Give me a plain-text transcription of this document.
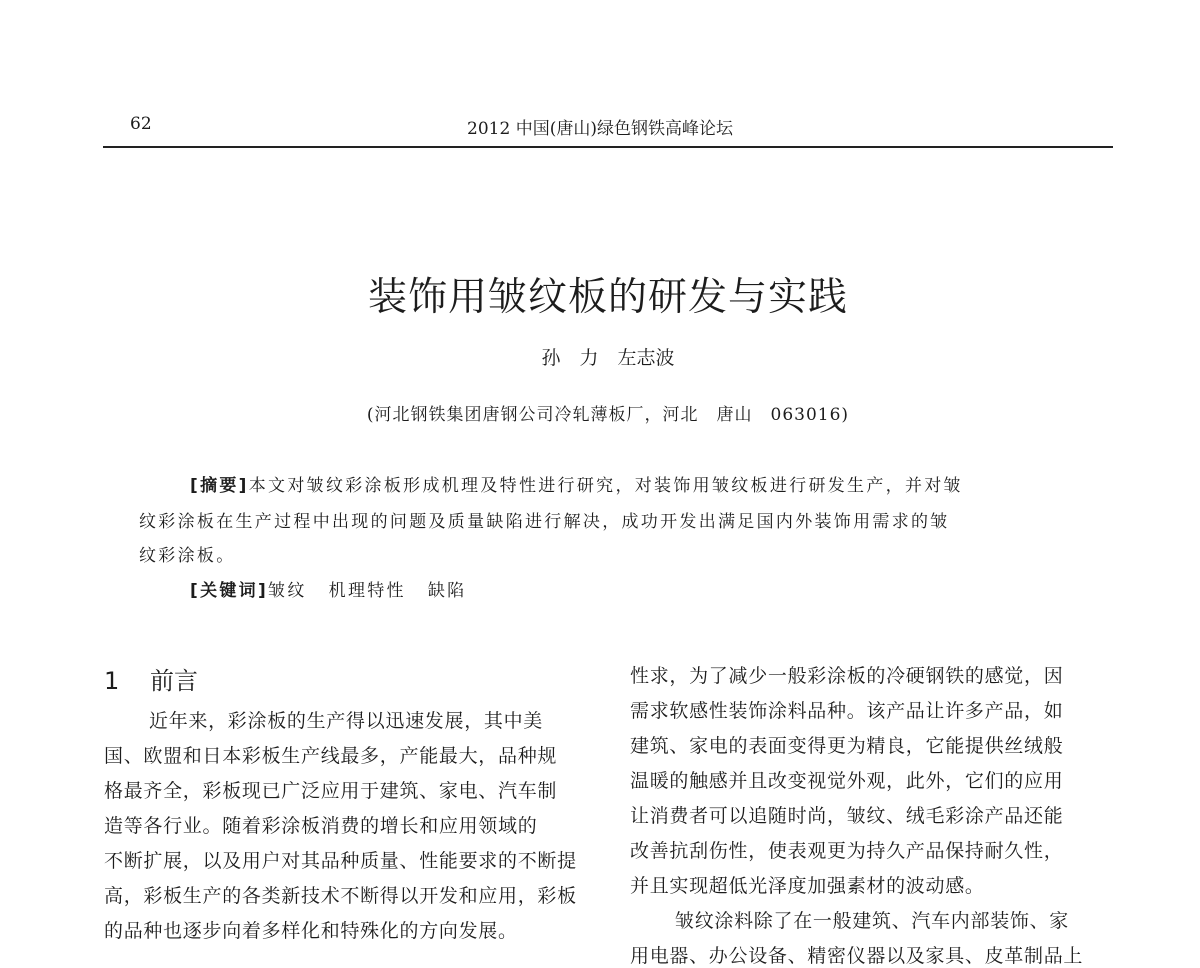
62	2012 中国(唐山)绿色钢铁高峰论坛
装饰用皱纹板的研发与实践
孙　力　左志波
(河北钢铁集团唐钢公司冷轧薄板厂，河北　唐山　063016)
[摘要]本文对皱纹彩涂板形成机理及特性进行研究，对装饰用皱纹板进行研发生产，并对皱
纹彩涂板在生产过程中出现的问题及质量缺陷进行解决，成功开发出满足国内外装饰用需求的皱
纹彩涂板。
[关键词]皱纹 机理特性 缺陷
1 前言
近年来，彩涂板的生产得以迅速发展，其中美
国、欧盟和日本彩板生产线最多，产能最大，品种规
格最齐全，彩板现已广泛应用于建筑、家电、汽车制
造等各行业。随着彩涂板消费的增长和应用领域的
不断扩展，以及用户对其品种质量、性能要求的不断提
高，彩板生产的各类新技术不断得以开发和应用，彩板
的品种也逐步向着多样化和特殊化的方向发展。
性求，为了减少一般彩涂板的冷硬钢铁的感觉，因
需求软感性装饰涂料品种。该产品让许多产品，如
建筑、家电的表面变得更为精良，它能提供丝绒般
温暖的触感并且改变视觉外观，此外，它们的应用
让消费者可以追随时尚，皱纹、绒毛彩涂产品还能
改善抗刮伤性，使表观更为持久产品保持耐久性，
并且实现超低光泽度加强素材的波动感。
皱纹涂料除了在一般建筑、汽车内部装饰、家
用电器、办公设备、精密仪器以及家具、皮革制品上
